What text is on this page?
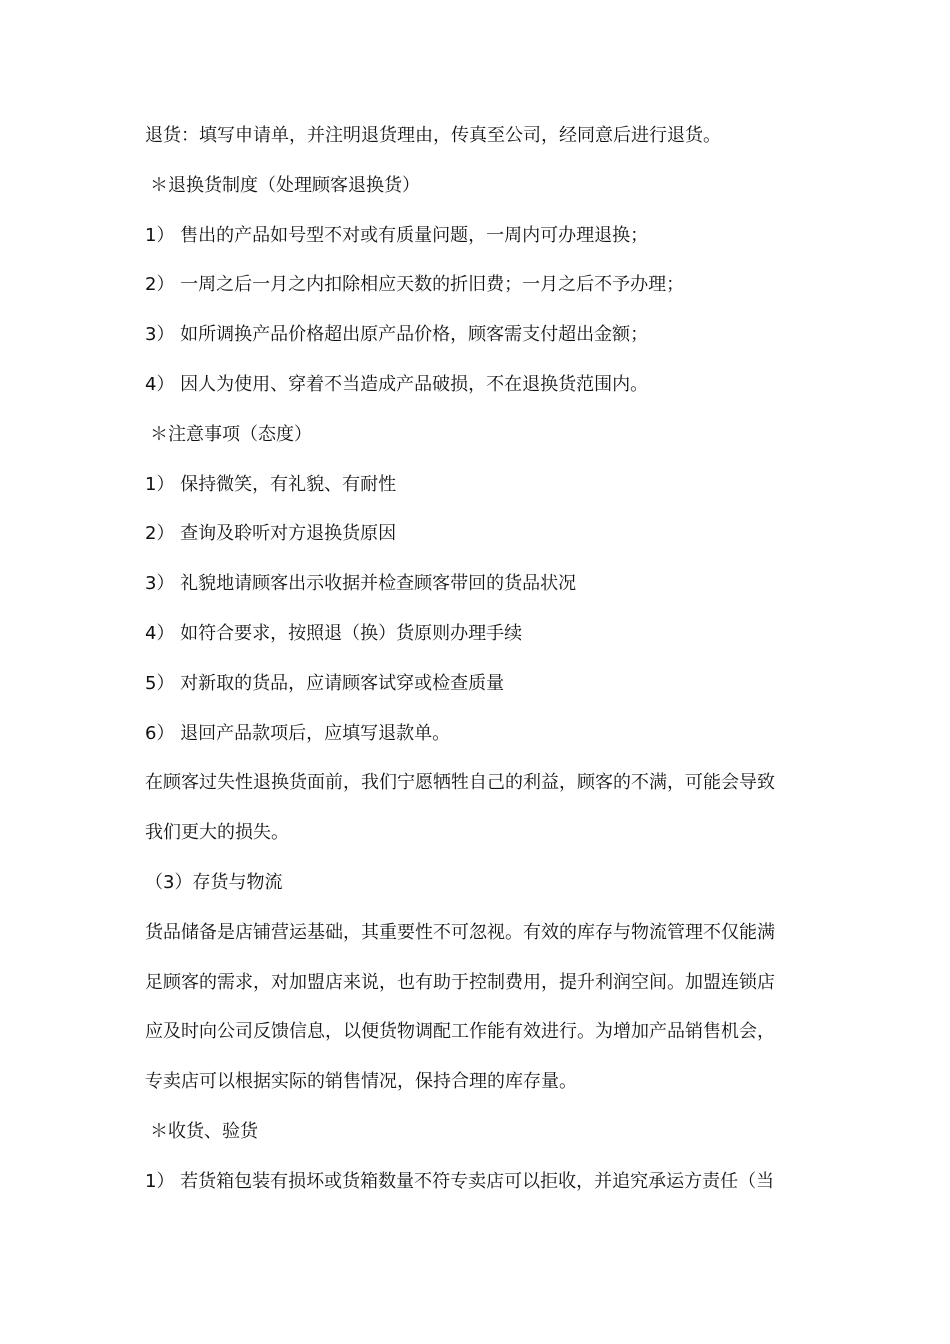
退货：填写申请单，并注明退货理由，传真至公司，经同意后进行退货。
＊退换货制度（处理顾客退换货）
1） 售出的产品如号型不对或有质量问题，一周内可办理退换；
2） 一周之后一月之内扣除相应天数的折旧费；一月之后不予办理；
3） 如所调换产品价格超出原产品价格，顾客需支付超出金额；
4） 因人为使用、穿着不当造成产品破损，不在退换货范围内。
＊注意事项（态度）
1） 保持微笑，有礼貌、有耐性
2） 查询及聆听对方退换货原因
3） 礼貌地请顾客出示收据并检查顾客带回的货品状况
4） 如符合要求，按照退（换）货原则办理手续
5） 对新取的货品，应请顾客试穿或检查质量
6） 退回产品款项后，应填写退款单。
在顾客过失性退换货面前，我们宁愿牺牲自己的利益，顾客的不满，可能会导致
我们更大的损失。
（3）存货与物流
货品储备是店铺营运基础，其重要性不可忽视。有效的库存与物流管理不仅能满
足顾客的需求，对加盟店来说，也有助于控制费用，提升利润空间。加盟连锁店
应及时向公司反馈信息，以便货物调配工作能有效进行。为增加产品销售机会，
专卖店可以根据实际的销售情况，保持合理的库存量。
＊收货、验货
1） 若货箱包装有损坏或货箱数量不符专卖店可以拒收，并追究承运方责任（当
